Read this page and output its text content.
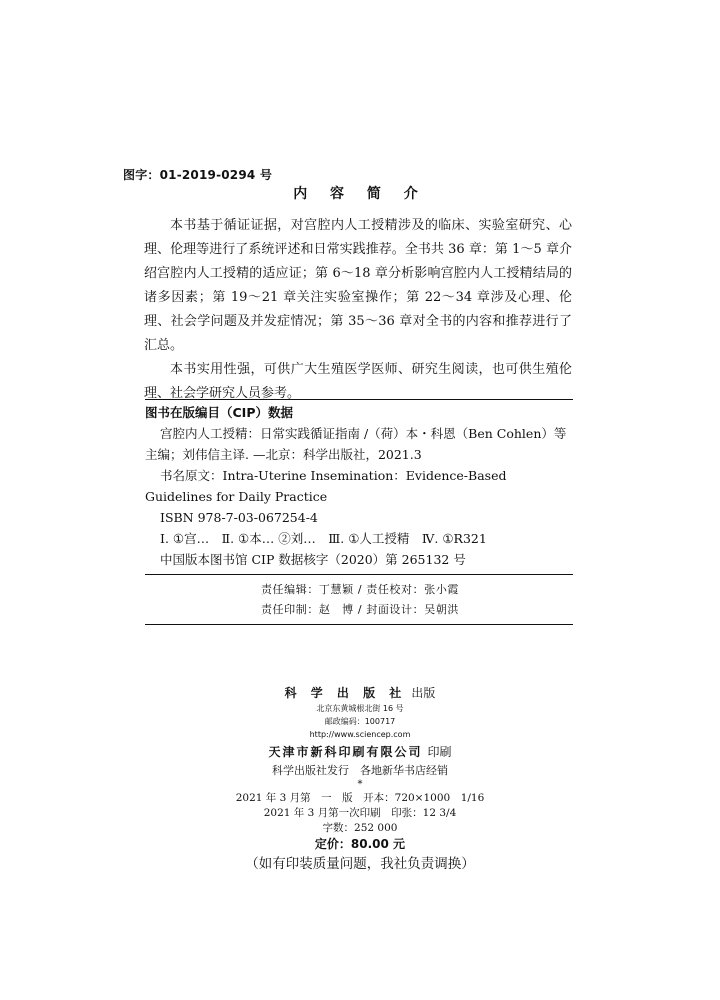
图字：01-2019-0294 号
内 容 简 介

本书基于循证证据，对宫腔内人工授精涉及的临床、实验室研究、心理、伦理等进行了系统评述和日常实践推荐。全书共 36 章：第 1～5 章介绍宫腔内人工授精的适应证；第 6～18 章分析影响宫腔内人工授精结局的诸多因素；第 19～21 章关注实验室操作；第 22～34 章涉及心理、伦理、社会学问题及并发症情况；第 35～36 章对全书的内容和推荐进行了汇总。

本书实用性强，可供广大生殖医学医师、研究生阅读，也可供生殖伦理、社会学研究人员参考。

图书在版编目（CIP）数据
宫腔内人工授精：日常实践循证指南 /（荷）本・科恩（Ben Cohlen）等主编；刘伟信主译. —北京：科学出版社，2021.3
书名原文：Intra-Uterine Insemination：Evidence-Based Guidelines for Daily Practice
ISBN 978-7-03-067254-4
Ⅰ. ①宫…　Ⅱ. ①本… ②刘…　Ⅲ. ①人工授精　Ⅳ. ①R321
中国版本图书馆 CIP 数据核字（2020）第 265132 号
责任编辑：丁慧颖 / 责任校对：张小霞
责任印制：赵　博 / 封面设计：吴朝洪
科 学 出 版 社 出版
北京东黄城根北街 16 号
邮政编码：100717
http://www.sciencep.com
天津市新科印刷有限公司 印刷
科学出版社发行　各地新华书店经销
*
2021 年 3 月第　一　版　开本：720×1000　1/16
2021 年 3 月第一次印刷　印张：12 3/4
字数：252 000
定价：80.00 元
（如有印装质量问题，我社负责调换）
